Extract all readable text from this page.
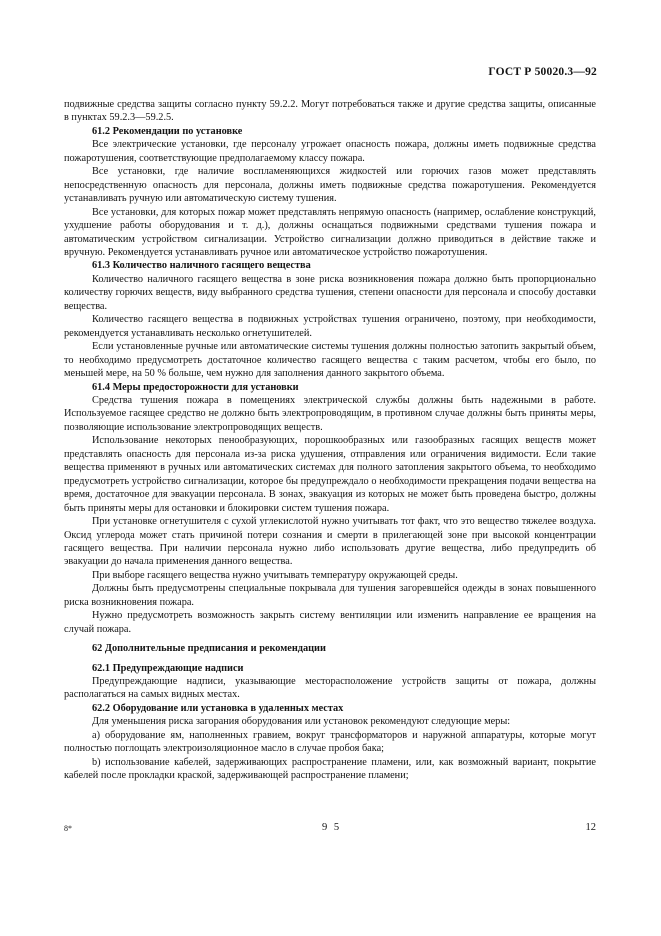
ГОСТ Р 50020.3—92

подвижные средства защиты согласно пункту 59.2.2. Могут потребоваться также и другие средства защиты, описанные в пунктах 59.2.3—59.2.5.

61.2 Рекомендации по установке

Все электрические установки, где персоналу угрожает опасность пожара, должны иметь подвижные средства пожаротушения, соответствующие предполагаемому классу пожара.

Все установки, где наличие воспламеняющихся жидкостей или горючих газов может представлять непосредственную опасность для персонала, должны иметь подвижные средства пожаротушения. Рекомендуется устанавливать ручную или автоматическую систему тушения.

Все установки, для которых пожар может представлять непрямую опасность (например, ослабление конструкций, ухудшение работы оборудования и т. д.), должны оснащаться подвижными средствами тушения пожара и автоматическим устройством сигнализации. Устройство сигнализации должно приводиться в действие также и вручную. Рекомендуется устанавливать ручное или автоматическое устройство пожаротушения.

61.3 Количество наличного гасящего вещества

Количество наличного гасящего вещества в зоне риска возникновения пожара должно быть пропорционально количеству горючих веществ, виду выбранного средства тушения, степени опасности для персонала и способу доставки вещества.

Количество гасящего вещества в подвижных устройствах тушения ограничено, поэтому, при необходимости, рекомендуется устанавливать несколько огнетушителей.

Если установленные ручные или автоматические системы тушения должны полностью затопить закрытый объем, то необходимо предусмотреть достаточное количество гасящего вещества с таким расчетом, чтобы его было, по меньшей мере, на 50 % больше, чем нужно для заполнения данного закрытого объема.

61.4 Меры предосторожности для установки

Средства тушения пожара в помещениях электрической службы должны быть надежными в работе. Используемое гасящее средство не должно быть электропроводящим, в противном случае должны быть приняты меры, позволяющие использование электропроводящих веществ.

Использование некоторых пенообразующих, порошкообразных или газообразных гасящих веществ может представлять опасность для персонала из-за риска удушения, отправления или ограничения видимости. Если такие вещества применяют в ручных или автоматических системах для полного затопления закрытого объема, то необходимо предусмотреть устройство сигнализации, которое бы предупреждало о необходимости прекращения подачи вещества на время, достаточное для эвакуации персонала. В зонах, эвакуация из которых не может быть проведена быстро, должны быть приняты меры для остановки и блокировки систем тушения пожара.

При установке огнетушителя с сухой углекислотой нужно учитывать тот факт, что это вещество тяжелее воздуха. Оксид углерода может стать причиной потери сознания и смерти в прилегающей зоне при высокой концентрации гасящего вещества. При наличии персонала нужно либо использовать другие вещества, либо предупредить об эвакуации до начала применения данного вещества.

При выборе гасящего вещества нужно учитывать температуру окружающей среды.

Должны быть предусмотрены специальные покрывала для тушения загоревшейся одежды в зонах повышенного риска возникновения пожара.

Нужно предусмотреть возможность закрыть систему вентиляции или изменить направление ее вращения на случай пожара.

62 Дополнительные предписания и рекомендации

62.1 Предупреждающие надписи

Предупреждающие надписи, указывающие месторасположение устройств защиты от пожара, должны располагаться на самых видных местах.

62.2 Оборудование или установка в удаленных местах

Для уменьшения риска загорания оборудования или установок рекомендуют следующие меры:

а) оборудование ям, наполненных гравием, вокруг трансформаторов и наружной аппаратуры, которые могут полностью поглощать электроизоляционное масло в случае пробоя бака;

b) использование кабелей, задерживающих распространение пламени, или, как возможный вариант, покрытие кабелей после прокладки краской, задерживающей распространение пламени;

8*	9 5	12
